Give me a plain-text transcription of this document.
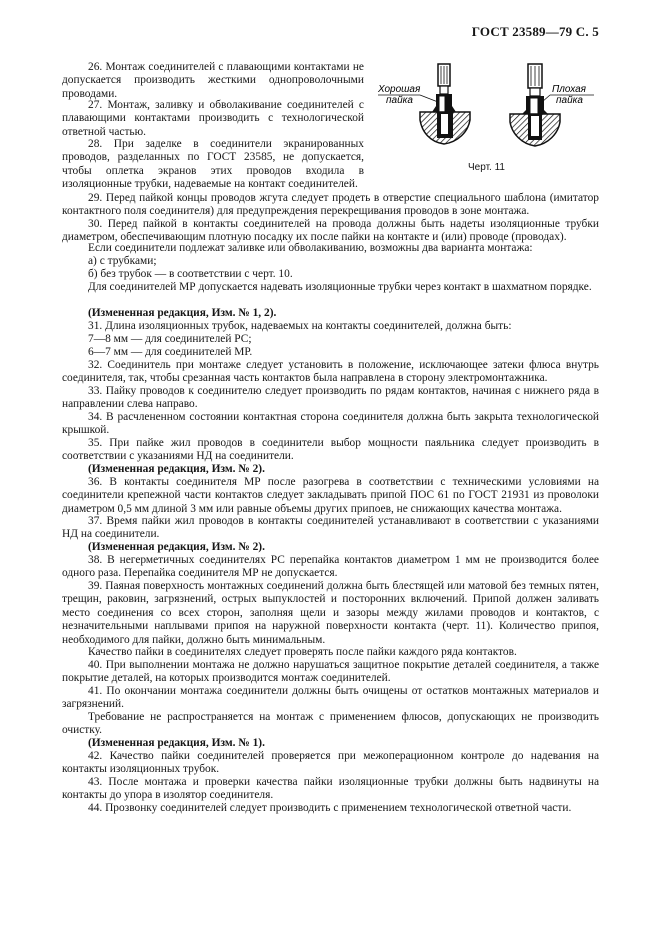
ГОСТ 23589—79 С. 5

26. Монтаж соединителей с плавающими контактами не допускается производить жесткими однопроволочными проводами.

27. Монтаж, заливку и обволакивание соединителей с плавающими контактами производить с технологической ответной частью.

28. При заделке в соединители экранированных проводов, разделанных по ГОСТ 23585, не допускается, чтобы оплетка экранов этих проводов входила в изоляционные трубки, надеваемые на контакт соединителей.

Хорошая
пайка
Плохая
пайка
Черт. 11

29. Перед пайкой концы проводов жгута следует продеть в отверстие специального шаблона (имитатор контактного поля соединителя) для предупреждения перекрещивания проводов в зоне монтажа.

30. Перед пайкой в контакты соединителей на провода должны быть надеты изоляционные трубки диаметром, обеспечивающим плотную посадку их после пайки на контакте и (или) проводе (проводах).

Если соединители подлежат заливке или обволакиванию, возможны два варианта монтажа:

а) с трубками;

б) без трубок — в соответствии с черт. 10.

Для соединителей МР допускается надевать изоляционные трубки через контакт в шахматном порядке.

(Измененная редакция, Изм. № 1, 2).

31. Длина изоляционных трубок, надеваемых на контакты соединителей, должна быть:

7—8 мм — для соединителей РС;

6—7 мм — для соединителей МР.

32. Соединитель при монтаже следует установить в положение, исключающее затеки флюса внутрь соединителя, так, чтобы срезанная часть контактов была направлена в сторону электромонтажника.

33. Пайку проводов к соединителю следует производить по рядам контактов, начиная с нижнего ряда в направлении слева направо.

34. В расчлененном состоянии контактная сторона соединителя должна быть закрыта технологической крышкой.

35. При пайке жил проводов в соединители выбор мощности паяльника следует производить в соответствии с указаниями НД на соединители.

(Измененная редакция, Изм. № 2).

36. В контакты соединителя МР после разогрева в соответствии с техническими условиями на соединители крепежной части контактов следует закладывать припой ПОС 61 по ГОСТ 21931 из проволоки диаметром 0,5 мм длиной 3 мм или равные объемы других припоев, не снижающих качества монтажа.

37. Время пайки жил проводов в контакты соединителей устанавливают в соответствии с указаниями НД на соединители.

(Измененная редакция, Изм. № 2).

38. В негерметичных соединителях РС перепайка контактов диаметром 1 мм не производится более одного раза. Перепайка соединителя МР не допускается.

39. Паяная поверхность монтажных соединений должна быть блестящей или матовой без темных пятен, трещин, раковин, загрязнений, острых выпуклостей и посторонних включений. Припой должен заливать место соединения со всех сторон, заполняя щели и зазоры между жилами проводов и контактов, с незначительными наплывами припоя на наружной поверхности контакта (черт. 11). Количество припоя, необходимого для пайки, должно быть минимальным.

Качество пайки в соединителях следует проверять после пайки каждого ряда контактов.

40. При выполнении монтажа не должно нарушаться защитное покрытие деталей соединителя, а также покрытие деталей, на которых производится монтаж соединителей.

41. По окончании монтажа соединители должны быть очищены от остатков монтажных материалов и загрязнений.

Требование не распространяется на монтаж с применением флюсов, допускающих не производить очистку.

(Измененная редакция, Изм. № 1).

42. Качество пайки соединителей проверяется при межоперационном контроле до надевания на контакты изоляционных трубок.

43. После монтажа и проверки качества пайки изоляционные трубки должны быть надвинуты на контакты до упора в изолятор соединителя.

44. Прозвонку соединителей следует производить с применением технологической ответной части.
